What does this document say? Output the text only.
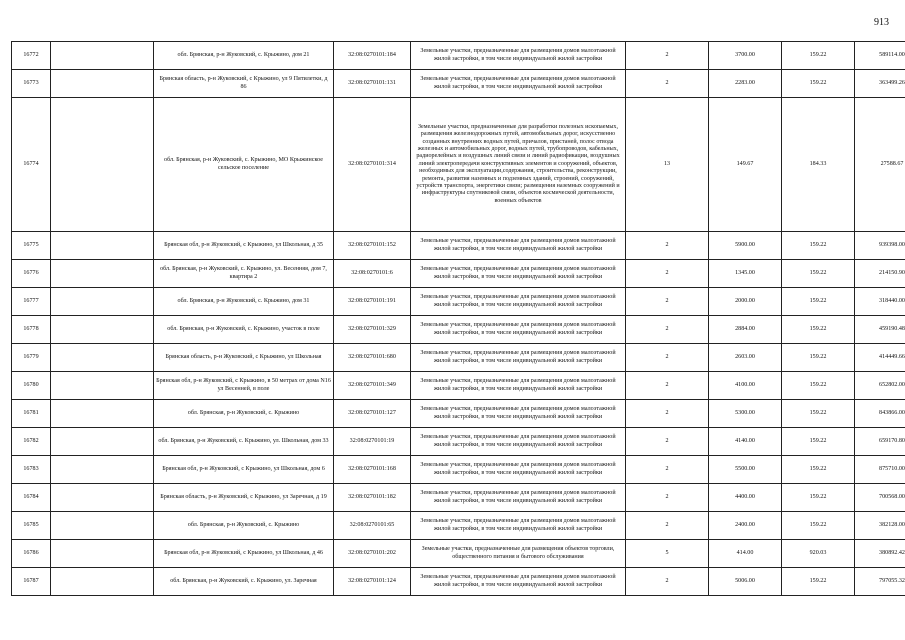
913
16772		обл. Брянская, р-н Жуковский, с. Крыжино, дом 21	32:08:0270101:184	Земельные участки, предназначенные для размещения домов малоэтажной жилой застройки, в том числе индивидуальной жилой застройки	2	3700.00	159.22	589114.00
16773		Брянская область, р-н Жуковский, с Крыжино, ул 9 Пятилетки, д 86	32:08:0270101:131	Земельные участки, предназначенные для размещения домов малоэтажной жилой застройки, в том числе индивидуальной жилой застройки	2	2283.00	159.22	363499.26
16774		обл. Брянская, р-н Жуковский, с. Крыжино, МО Крыжинское сельское поселение	32:08:0270101:314	Земельные участки, предназначенные для разработки полезных ископаемых, размещения железнодорожных путей, автомобильных дорог, искусственно созданных внутренних водных путей, причалов, пристаней, полос отвода железных и автомобильных дорог, водных путей, трубопроводов, кабельных, радиорелейных и воздушных линий связи и линий радиофикации, воздушных линий электропередачи конструктивных элементов и сооружений, объектов, необходимых для эксплуатации,содержания, строительства, реконструкции, ремонта, развития наземных и подземных зданий, строений, сооружений, устройств транспорта, энергетики связи; размещения наземных сооружений и инфраструктуры спутниковой связи, объектов космической деятельности, военных объектов	13	149.67	184.33	27588.67
16775		Брянская обл, р-н Жуковский, с Крыжино, ул Школьная, д 35	32:08:0270101:152	Земельные участки, предназначенные для размещения домов малоэтажной жилой застройки, в том числе индивидуальной жилой застройки	2	5900.00	159.22	939398.00
16776		обл. Брянская, р-н Жуковский, с. Крыжино, ул. Весенняя, дом 7, квартира 2	32:08:0270101:6	Земельные участки, предназначенные для размещения домов малоэтажной жилой застройки, в том числе индивидуальной жилой застройки	2	1345.00	159.22	214150.90
16777		обл. Брянская, р-н Жуковский, с. Крыжино, дом 31	32:08:0270101:191	Земельные участки, предназначенные для размещения домов малоэтажной жилой застройки, в том числе индивидуальной жилой застройки	2	2000.00	159.22	318440.00
16778		обл. Брянская, р-н Жуковский, с. Крыжино, участок в поле	32:08:0270101:329	Земельные участки, предназначенные для размещения домов малоэтажной жилой застройки, в том числе индивидуальной жилой застройки	2	2884.00	159.22	459190.48
16779		Брянская область, р-н Жуковский, с Крыжино, ул Школьная	32:08:0270101:680	Земельные участки, предназначенные для размещения домов малоэтажной жилой застройки, в том числе индивидуальной жилой застройки	2	2603.00	159.22	414449.66
16780		Брянская обл, р-н Жуковский, с Крыжино, в 50 метрах от дома N16 ул Весенней, в поле	32:08:0270101:349	Земельные участки, предназначенные для размещения домов малоэтажной жилой застройки, в том числе индивидуальной жилой застройки	2	4100.00	159.22	652802.00
16781		обл. Брянская, р-н Жуковский, с. Крыжино	32:08:0270101:127	Земельные участки, предназначенные для размещения домов малоэтажной жилой застройки, в том числе индивидуальной жилой застройки	2	5300.00	159.22	843866.00
16782		обл. Брянская, р-н Жуковский, с. Крыжино, ул. Школьная, дом 33	32:08:0270101:19	Земельные участки, предназначенные для размещения домов малоэтажной жилой застройки, в том числе индивидуальной жилой застройки	2	4140.00	159.22	659170.80
16783		Брянская обл, р-н Жуковский, с Крыжино, ул Школьная, дом 6	32:08:0270101:168	Земельные участки, предназначенные для размещения домов малоэтажной жилой застройки, в том числе индивидуальной жилой застройки	2	5500.00	159.22	875710.00
16784		Брянская область, р-н Жуковский, с Крыжино, ул Заречная, д 19	32:08:0270101:182	Земельные участки, предназначенные для размещения домов малоэтажной жилой застройки, в том числе индивидуальной жилой застройки	2	4400.00	159.22	700568.00
16785		обл. Брянская, р-н Жуковский, с. Крыжино	32:08:0270101:65	Земельные участки, предназначенные для размещения домов малоэтажной жилой застройки, в том числе индивидуальной жилой застройки	2	2400.00	159.22	382128.00
16786		Брянская обл, р-н Жуковский, с Крыжино, ул Школьная, д 46	32:08:0270101:202	Земельные участки, предназначенные для размещения объектов торговли, общественного питания и бытового обслуживания	5	414.00	920.03	380892.42
16787		обл. Брянская, р-н Жуковский, с. Крыжино, ул. Заречная	32:08:0270101:124	Земельные участки, предназначенные для размещения домов малоэтажной жилой застройки, в том числе индивидуальной жилой застройки	2	5006.00	159.22	797055.32
